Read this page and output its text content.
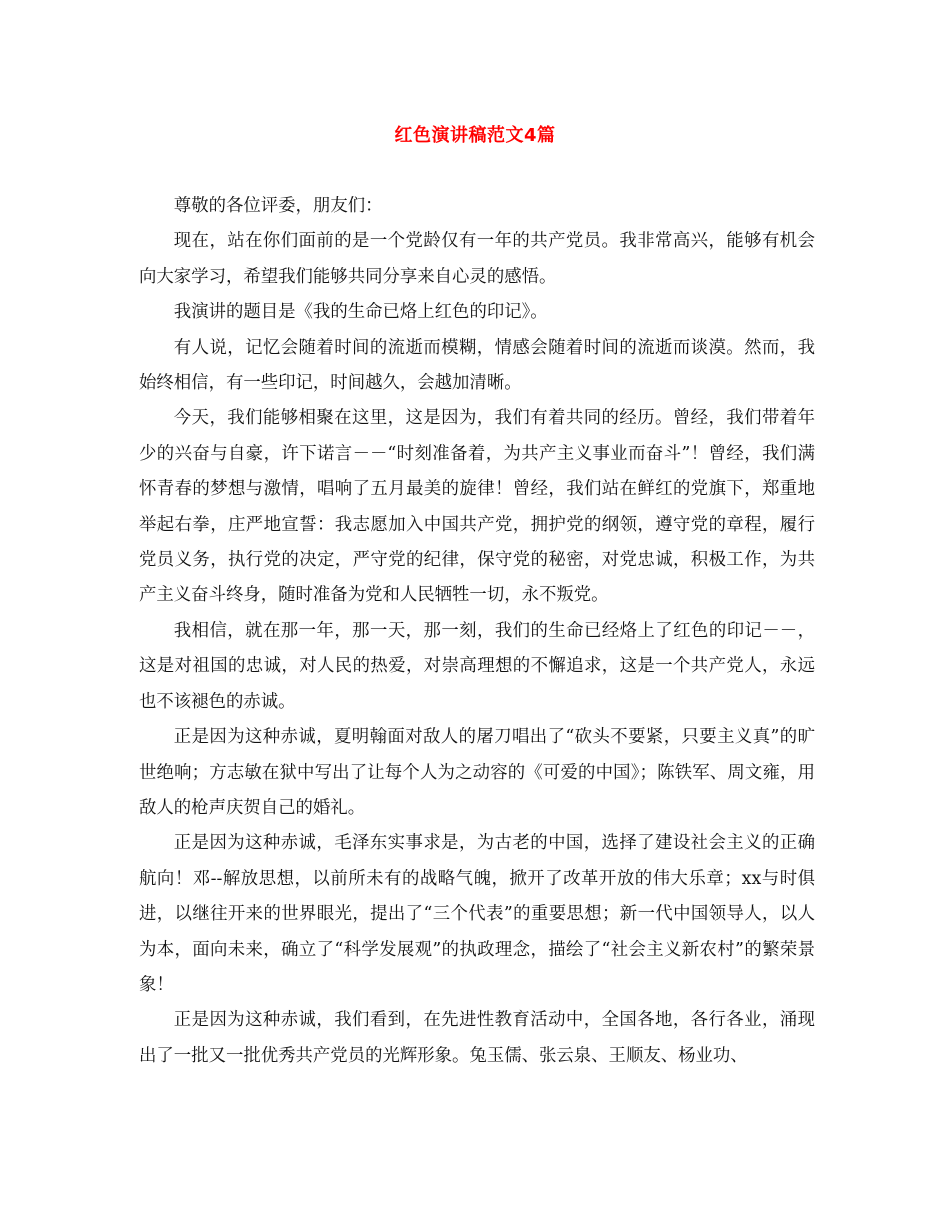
红色演讲稿范文4篇

尊敬的各位评委，朋友们：

现在，站在你们面前的是一个党龄仅有一年的共产党员。我非常高兴，能够有机会向大家学习，希望我们能够共同分享来自心灵的感悟。

我演讲的题目是《我的生命已烙上红色的印记》。

有人说，记忆会随着时间的流逝而模糊，情感会随着时间的流逝而谈漠。然而，我始终相信，有一些印记，时间越久，会越加清晰。

今天，我们能够相聚在这里，这是因为，我们有着共同的经历。曾经，我们带着年少的兴奋与自豪，许下诺言－－“时刻准备着，为共产主义事业而奋斗”！曾经，我们满怀青春的梦想与激情，唱响了五月最美的旋律！曾经，我们站在鲜红的党旗下，郑重地举起右拳，庄严地宣誓：我志愿加入中国共产党，拥护党的纲领，遵守党的章程，履行党员义务，执行党的决定，严守党的纪律，保守党的秘密，对党忠诚，积极工作，为共产主义奋斗终身，随时准备为党和人民牺牲一切，永不叛党。

我相信，就在那一年，那一天，那一刻，我们的生命已经烙上了红色的印记－－，这是对祖国的忠诚，对人民的热爱，对崇高理想的不懈追求，这是一个共产党人，永远也不该褪色的赤诚。

正是因为这种赤诚，夏明翰面对敌人的屠刀唱出了“砍头不要紧，只要主义真”的旷世绝响；方志敏在狱中写出了让每个人为之动容的《可爱的中国》；陈铁军、周文雍，用敌人的枪声庆贺自己的婚礼。

正是因为这种赤诚，毛泽东实事求是，为古老的中国，选择了建设社会主义的正确航向！邓--解放思想，以前所未有的战略气魄，掀开了改革开放的伟大乐章；xx与时俱进，以继往开来的世界眼光，提出了“三个代表”的重要思想；新一代中国领导人，以人为本，面向未来，确立了“科学发展观”的执政理念，描绘了“社会主义新农村”的繁荣景象！

正是因为这种赤诚，我们看到，在先进性教育活动中，全国各地，各行各业，涌现出了一批又一批优秀共产党员的光辉形象。兔玉儒、张云泉、王顺友、杨业功、
